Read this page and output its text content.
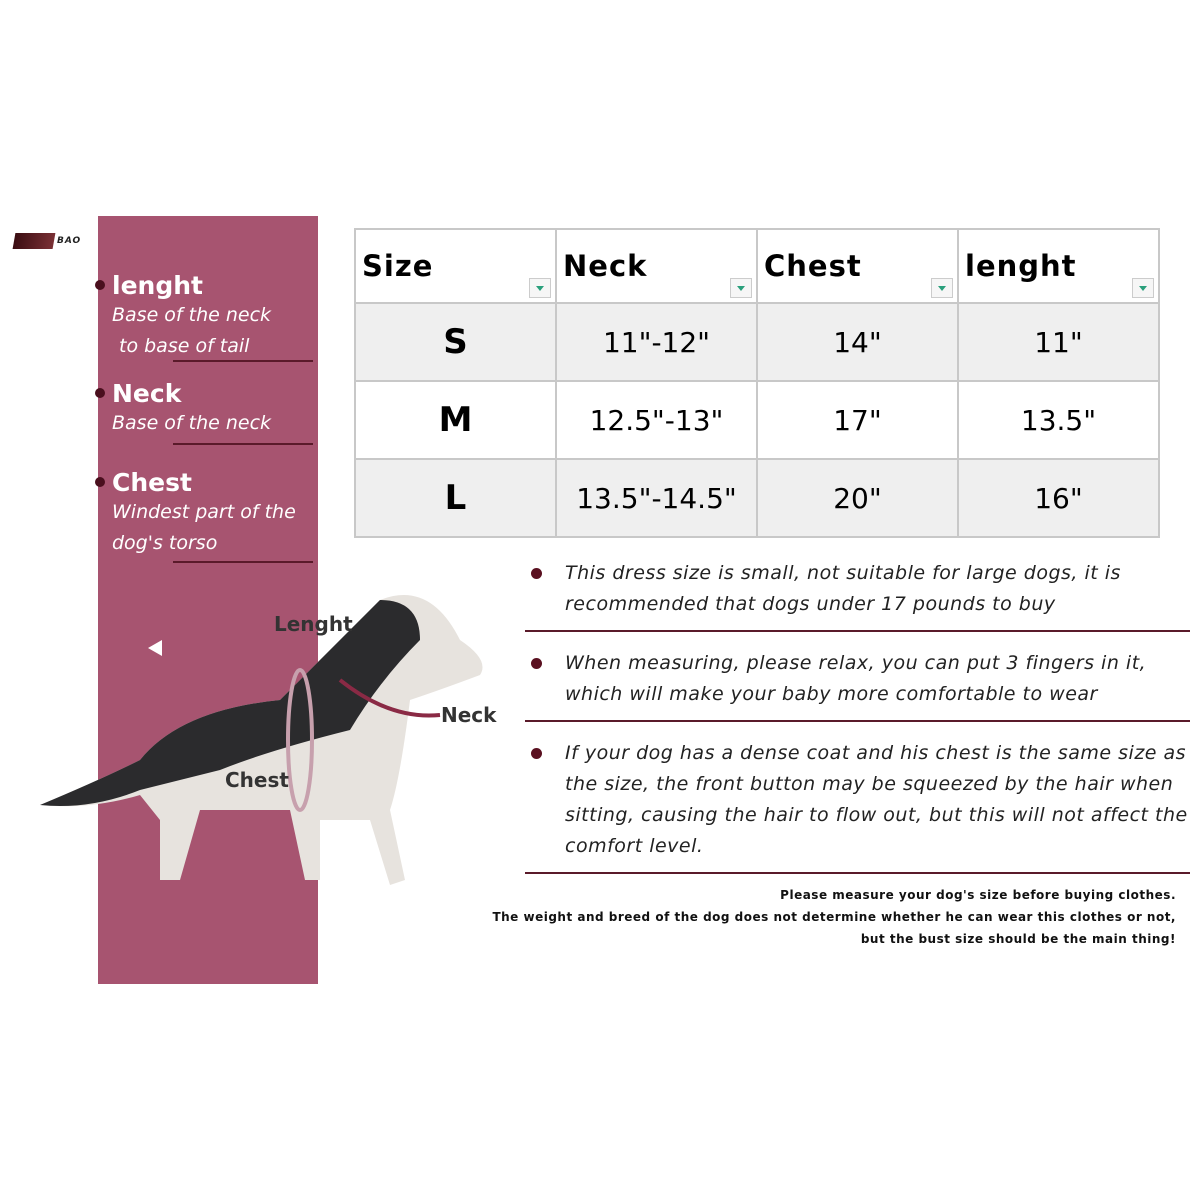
BAO
lenght
Base of the neck
to base of tail
Neck
Base of the neck
Chest
Windest part of the
dog's torso
Size	Neck	Chest	lenght

S	11"-12"	14"	11"
M	12.5"-13"	17"	13.5"
L	13.5"-14.5"	20"	16"
Lenght
Neck
Chest
This dress size is small, not suitable for large dogs, it is recommended that dogs under 17 pounds to buy
When measuring, please relax, you can put 3 fingers in it, which will make your baby more comfortable to wear
If your dog has a dense coat and his chest is the same size as the size, the front button may be squeezed by the hair when sitting, causing the hair to flow out, but this will not affect the comfort level.
Please measure your dog's size before buying clothes.
The weight and breed of the dog does not determine whether he can wear this clothes or not,
but the bust size should be the main thing!
